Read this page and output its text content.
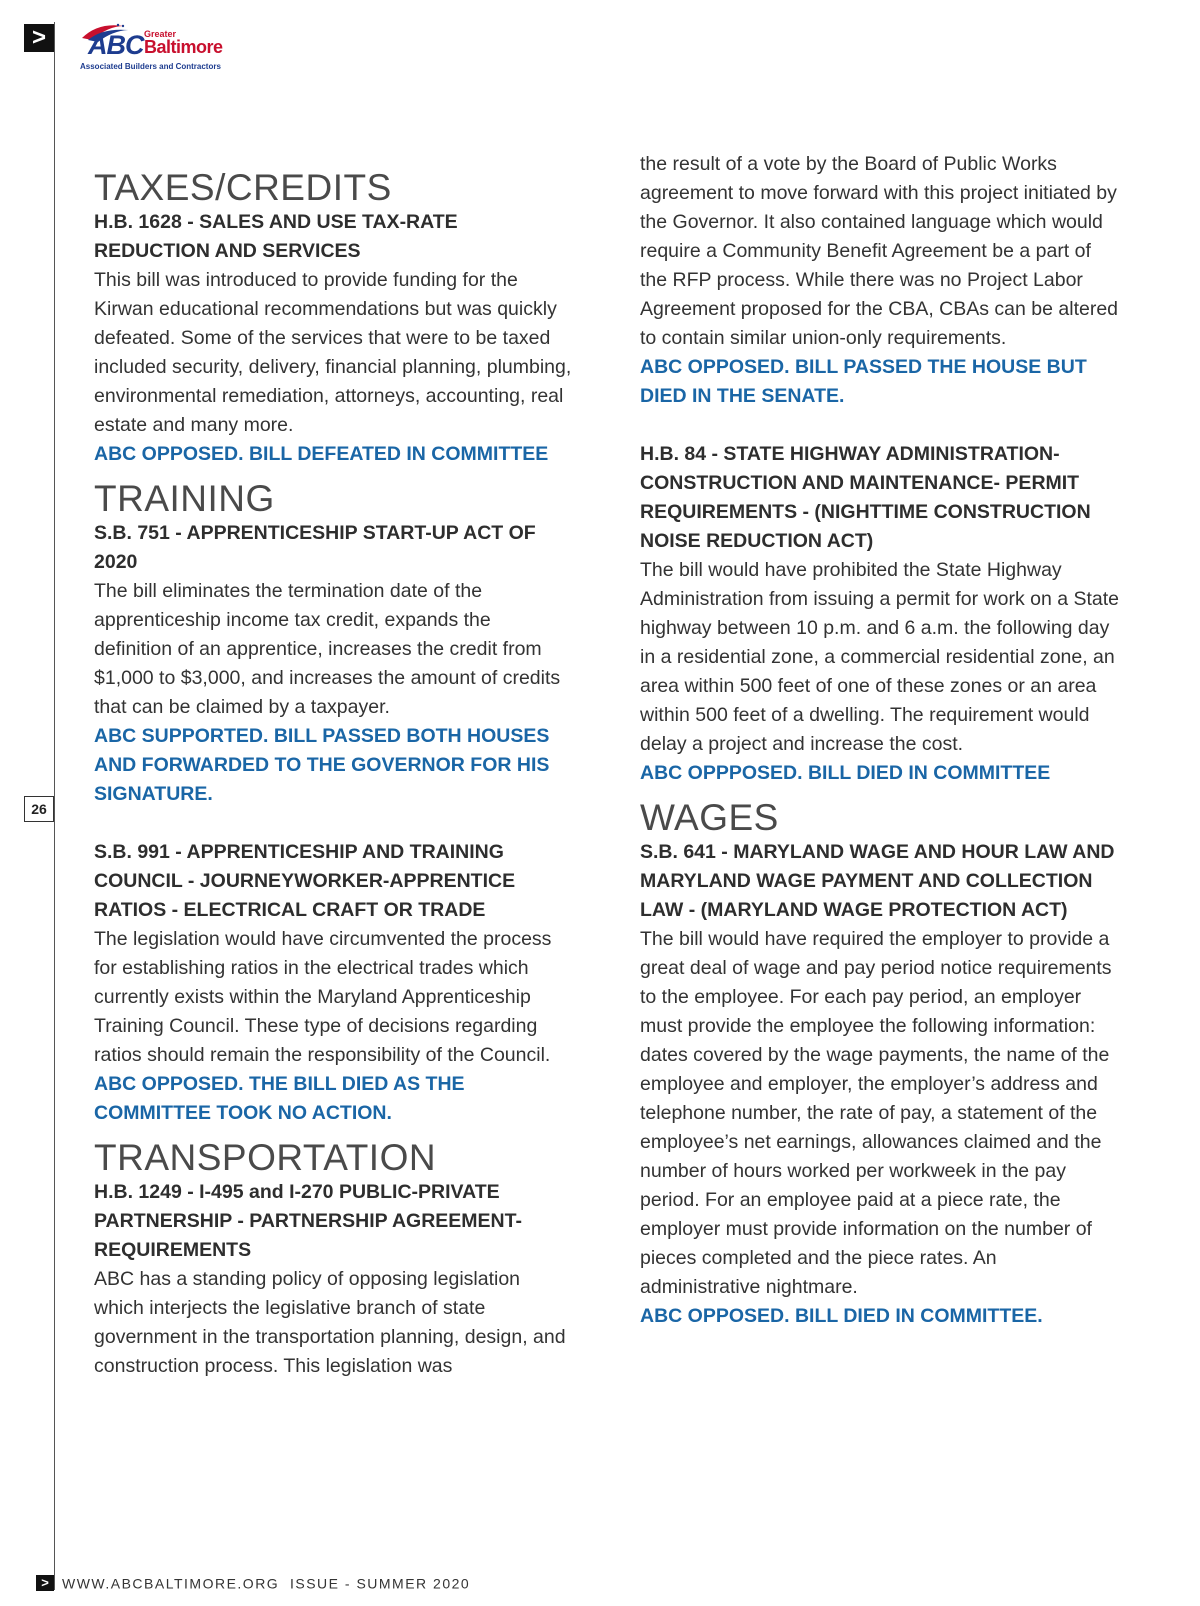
> ABC Greater
Baltimore
Associated Builders and Contractors
26
TAXES/CREDITS

H.B. 1628 - SALES AND USE TAX-RATE REDUCTION AND SERVICES

This bill was introduced to provide funding for the Kirwan educational recommendations but was quickly defeated. Some of the services that were to be taxed included security, delivery, financial planning, plumbing, environmental remediation, attorneys, accounting, real estate and many more.

ABC OPPOSED. BILL DEFEATED IN COMMITTEE

TRAINING

S.B. 751 - APPRENTICESHIP START-UP ACT OF 2020

The bill eliminates the termination date of the apprenticeship income tax credit, expands the definition of an apprentice, increases the credit from $1,000 to $3,000, and increases the amount of credits that can be claimed by a taxpayer.

ABC SUPPORTED. BILL PASSED BOTH HOUSES AND FORWARDED TO THE GOVERNOR FOR HIS SIGNATURE.

S.B. 991 - APPRENTICESHIP AND TRAINING COUNCIL - JOURNEYWORKER-APPRENTICE RATIOS - ELECTRICAL CRAFT OR TRADE

The legislation would have circumvented the process for establishing ratios in the electrical trades which currently exists within the Maryland Apprenticeship Training Council. These type of decisions regarding ratios should remain the responsibility of the Council.

ABC OPPOSED. THE BILL DIED AS THE COMMITTEE TOOK NO ACTION.

TRANSPORTATION

H.B. 1249 - I-495 and I-270 PUBLIC-PRIVATE PARTNERSHIP - PARTNERSHIP AGREEMENT-REQUIREMENTS

ABC has a standing policy of opposing legislation which interjects the legislative branch of state government in the transportation planning, design, and construction process. This legislation was

the result of a vote by the Board of Public Works agreement to move forward with this project initiated by the Governor. It also contained language which would require a Community Benefit Agreement be a part of the RFP process. While there was no Project Labor Agreement proposed for the CBA, CBAs can be altered to contain similar union-only requirements.

ABC OPPOSED. BILL PASSED THE HOUSE BUT DIED IN THE SENATE.

H.B. 84 - STATE HIGHWAY ADMINISTRATION-CONSTRUCTION AND MAINTENANCE- PERMIT REQUIREMENTS - (NIGHTTIME CONSTRUCTION NOISE REDUCTION ACT)

The bill would have prohibited the State Highway Administration from issuing a permit for work on a State highway between 10 p.m. and 6 a.m. the following day in a residential zone, a commercial residential zone, an area within 500 feet of one of these zones or an area within 500 feet of a dwelling. The requirement would delay a project and increase the cost.

ABC OPPPOSED. BILL DIED IN COMMITTEE

WAGES

S.B. 641 - MARYLAND WAGE AND HOUR LAW AND MARYLAND WAGE PAYMENT AND COLLECTION LAW - (MARYLAND WAGE PROTECTION ACT)

The bill would have required the employer to provide a great deal of wage and pay period notice requirements to the employee. For each pay period, an employer must provide the employee the following information: dates covered by the wage payments, the name of the employee and employer, the employer’s address and telephone number, the rate of pay, a statement of the employee’s net earnings, allowances claimed and the number of hours worked per workweek in the pay period. For an employee paid at a piece rate, the employer must provide information on the number of pieces completed and the piece rates. An administrative nightmare.

ABC OPPOSED. BILL DIED IN COMMITTEE.

> WWW.ABCBALTIMORE.ORG ISSUE - SUMMER 2020
